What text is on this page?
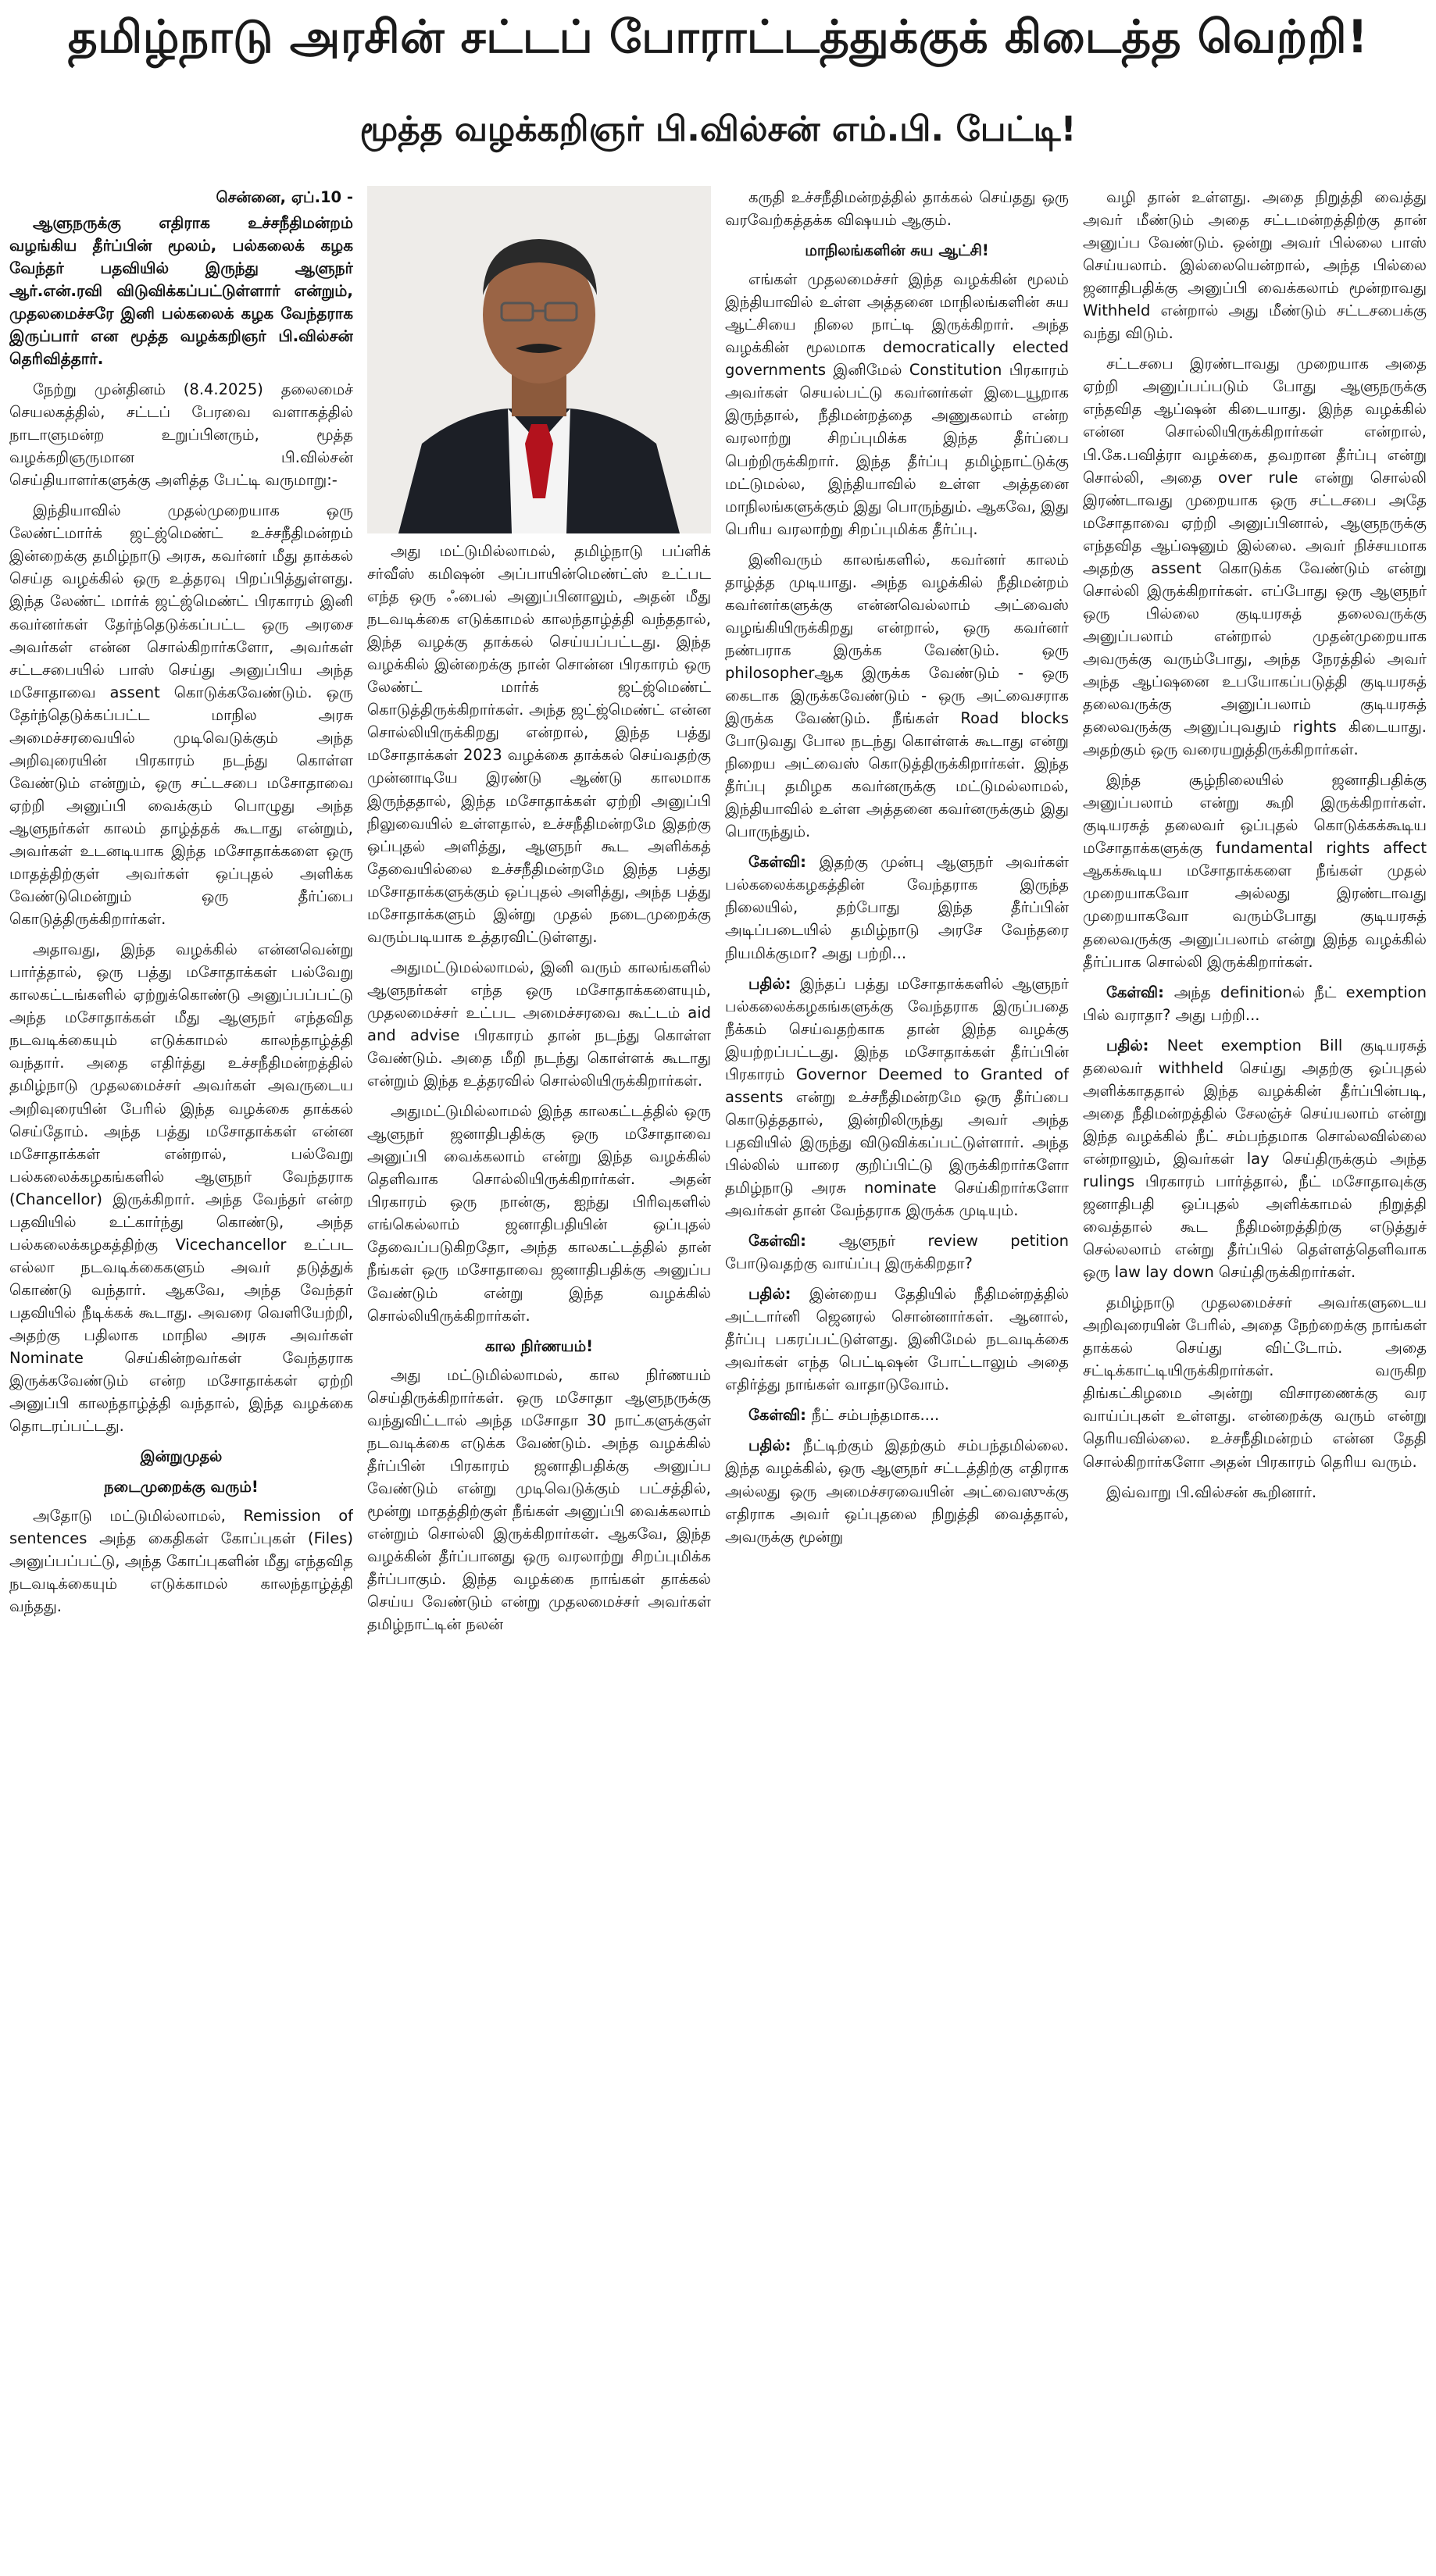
தமிழ்நாடு அரசின் சட்டப் போராட்டத்துக்குக் கிடைத்த வெற்றி!
மூத்த வழக்கறிஞர் பி.வில்சன் எம்.பி. பேட்டி!

சென்னை, ஏப்.10 -

ஆளுநருக்கு எதிராக உச்சநீதிமன்றம் வழங்கிய தீர்ப்பின் மூலம், பல்கலைக் கழக வேந்தர் பதவியில் இருந்து ஆளுநர் ஆர்.என்.ரவி விடுவிக்கப்பட்டுள்ளார் என்றும், முதலமைச்சரே இனி பல்கலைக் கழக வேந்தராக இருப்பார் என மூத்த வழக்கறிஞர் பி.வில்சன் தெரிவித்தார்.

நேற்று முன்தினம் (8.4.2025) தலைமைச் செயலகத்தில், சட்டப் பேரவை வளாகத்தில் நாடாளுமன்ற உறுப்பினரும், மூத்த வழக்கறிஞருமான பி.வில்சன் செய்தியாளர்களுக்கு அளித்த பேட்டி வருமாறு:-

இந்தியாவில் முதல்முறையாக ஒரு லேண்ட்மார்க் ஜட்ஜ்மெண்ட் உச்சநீதிமன்றம் இன்றைக்கு தமிழ்நாடு அரசு, கவர்னர் மீது தாக்கல் செய்த வழக்கில் ஒரு உத்தரவு பிறப்பித்துள்ளது. இந்த லேண்ட் மார்க் ஜட்ஜ்மெண்ட் பிரகாரம் இனி கவர்னர்கள் தேர்ந்தெடுக்கப்பட்ட ஒரு அரசை அவர்கள் என்ன சொல்கிறார்களோ, அவர்கள் சட்டசபையில் பாஸ் செய்து அனுப்பிய அந்த மசோதாவை assent கொடுக்கவேண்டும். ஒரு தேர்ந்தெடுக்கப்பட்ட மாநில அரசு அமைச்சரவையில் முடிவெடுக்கும் அந்த அறிவுரையின் பிரகாரம் நடந்து கொள்ள வேண்டும் என்றும், ஒரு சட்டசபை மசோதாவை ஏற்றி அனுப்பி வைக்கும் பொழுது அந்த ஆளுநர்கள் காலம் தாழ்த்தக் கூடாது என்றும், அவர்கள் உடனடியாக இந்த மசோதாக்களை ஒரு மாதத்திற்குள் அவர்கள் ஒப்புதல் அளிக்க வேண்டுமென்றும் ஒரு தீர்ப்பை கொடுத்திருக்கிறார்கள்.

அதாவது, இந்த வழக்கில் என்னவென்று பார்த்தால், ஒரு பத்து மசோதாக்கள் பல்வேறு காலகட்டங்களில் ஏற்றுக்கொண்டு அனுப்பப்பட்டு அந்த மசோதாக்கள் மீது ஆளுநர் எந்தவித நடவடிக்கையும் எடுக்காமல் காலந்தாழ்த்தி வந்தார். அதை எதிர்த்து உச்சநீதிமன்றத்தில் தமிழ்நாடு முதலமைச்சர் அவர்கள் அவருடைய அறிவுரையின் பேரில் இந்த வழக்கை தாக்கல் செய்தோம். அந்த பத்து மசோதாக்கள் என்ன மசோதாக்கள் என்றால், பல்வேறு பல்கலைக்கழகங்களில் ஆளுநர் வேந்தராக (Chancellor) இருக்கிறார். அந்த வேந்தர் என்ற பதவியில் உட்கார்ந்து கொண்டு, அந்த பல்கலைக்கழகத்திற்கு Vicechancellor உட்பட எல்லா நடவடிக்கைகளும் அவர் தடுத்துக் கொண்டு வந்தார். ஆகவே, அந்த வேந்தர் பதவியில் நீடிக்கக் கூடாது. அவரை வெளியேற்றி, அதற்கு பதிலாக மாநில அரசு அவர்கள் Nominate செய்கின்றவர்கள் வேந்தராக இருக்கவேண்டும் என்ற மசோதாக்கள் ஏற்றி அனுப்பி காலந்தாழ்த்தி வந்தால், இந்த வழக்கை தொடரப்பட்டது.

இன்றுமுதல்

நடைமுறைக்கு வரும்!

அதோடு மட்டுமில்லாமல், Remission of sentences அந்த கைதிகள் கோப்புகள் (Files) அனுப்பப்பட்டு, அந்த கோப்புகளின் மீது எந்தவித நடவடிக்கையும் எடுக்காமல் காலந்தாழ்த்தி வந்தது.

அது மட்டுமில்லாமல், தமிழ்நாடு பப்ளிக் சர்வீஸ் கமிஷன் அப்பாயின்மெண்ட்ஸ் உட்பட எந்த ஒரு ஃபைல் அனுப்பினாலும், அதன் மீது நடவடிக்கை எடுக்காமல் காலந்தாழ்த்தி வந்ததால், இந்த வழக்கு தாக்கல் செய்யப்பட்டது. இந்த வழக்கில் இன்றைக்கு நான் சொன்ன பிரகாரம் ஒரு லேண்ட் மார்க் ஜட்ஜ்மெண்ட் கொடுத்திருக்கிறார்கள். அந்த ஜட்ஜ்மெண்ட் என்ன சொல்லியிருக்கிறது என்றால், இந்த பத்து மசோதாக்கள் 2023 வழக்கை தாக்கல் செய்வதற்கு முன்னாடியே இரண்டு ஆண்டு காலமாக இருந்ததால், இந்த மசோதாக்கள் ஏற்றி அனுப்பி நிலுவையில் உள்ளதால், உச்சநீதிமன்றமே இதற்கு ஒப்புதல் அளித்து, ஆளுநர் கூட அளிக்கத் தேவையில்லை உச்சநீதிமன்றமே இந்த பத்து மசோதாக்களுக்கும் ஒப்புதல் அளித்து, அந்த பத்து மசோதாக்களும் இன்று முதல் நடைமுறைக்கு வரும்படியாக உத்தரவிட்டுள்ளது.

அதுமட்டுமல்லாமல், இனி வரும் காலங்களில் ஆளுநர்கள் எந்த ஒரு மசோதாக்களையும், முதலமைச்சர் உட்பட அமைச்சரவை கூட்டம் aid and advise பிரகாரம் தான் நடந்து கொள்ள வேண்டும். அதை மீறி நடந்து கொள்ளக் கூடாது என்றும் இந்த உத்தரவில் சொல்லியிருக்கிறார்கள்.

அதுமட்டுமில்லாமல் இந்த காலகட்டத்தில் ஒரு ஆளுநர் ஜனாதிபதிக்கு ஒரு மசோதாவை அனுப்பி வைக்கலாம் என்று இந்த வழக்கில் தெளிவாக சொல்லியிருக்கிறார்கள். அதன் பிரகாரம் ஒரு நான்கு, ஐந்து பிரிவுகளில் எங்கெல்லாம் ஜனாதிபதியின் ஒப்புதல் தேவைப்படுகிறதோ, அந்த காலகட்டத்தில் தான் நீங்கள் ஒரு மசோதாவை ஜனாதிபதிக்கு அனுப்ப வேண்டும் என்று இந்த வழக்கில் சொல்லியிருக்கிறார்கள்.

கால நிர்ணயம்!

அது மட்டுமில்லாமல், கால நிர்ணயம் செய்திருக்கிறார்கள். ஒரு மசோதா ஆளுநருக்கு வந்துவிட்டால் அந்த மசோதா 30 நாட்களுக்குள் நடவடிக்கை எடுக்க வேண்டும். அந்த வழக்கில் தீர்ப்பின் பிரகாரம் ஜனாதிபதிக்கு அனுப்ப வேண்டும் என்று முடிவெடுக்கும் பட்சத்தில், மூன்று மாதத்திற்குள் நீங்கள் அனுப்பி வைக்கலாம் என்றும் சொல்லி இருக்கிறார்கள். ஆகவே, இந்த வழக்கின் தீர்ப்பானது ஒரு வரலாற்று சிறப்புமிக்க தீர்ப்பாகும். இந்த வழக்கை நாங்கள் தாக்கல் செய்ய வேண்டும் என்று முதலமைச்சர் அவர்கள் தமிழ்நாட்டின் நலன்

கருதி உச்சநீதிமன்றத்தில் தாக்கல் செய்தது ஒரு வரவேற்கத்தக்க விஷயம் ஆகும்.

மாநிலங்களின் சுய ஆட்சி!

எங்கள் முதலமைச்சர் இந்த வழக்கின் மூலம் இந்தியாவில் உள்ள அத்தனை மாநிலங்களின் சுய ஆட்சியை நிலை நாட்டி இருக்கிறார். அந்த வழக்கின் மூலமாக democratically elected governments இனிமேல் Constitution பிரகாரம் அவர்கள் செயல்பட்டு கவர்னர்கள் இடையூறாக இருந்தால், நீதிமன்றத்தை அணுகலாம் என்ற வரலாற்று சிறப்புமிக்க இந்த தீர்ப்பை பெற்றிருக்கிறார். இந்த தீர்ப்பு தமிழ்நாட்டுக்கு மட்டுமல்ல, இந்தியாவில் உள்ள அத்தனை மாநிலங்களுக்கும் இது பொருந்தும். ஆகவே, இது பெரிய வரலாற்று சிறப்புமிக்க தீர்ப்பு.

இனிவரும் காலங்களில், கவர்னர் காலம் தாழ்த்த முடியாது. அந்த வழக்கில் நீதிமன்றம் கவர்னர்களுக்கு என்னவெல்லாம் அட்வைஸ் வழங்கியிருக்கிறது என்றால், ஒரு கவர்னர் நண்பராக இருக்க வேண்டும். ஒரு philosopherஆக இருக்க வேண்டும் - ஒரு கைடாக இருக்கவேண்டும் - ஒரு அட்வைசராக இருக்க வேண்டும். நீங்கள் Road blocks போடுவது போல நடந்து கொள்ளக் கூடாது என்று நிறைய அட்வைஸ் கொடுத்திருக்கிறார்கள். இந்த தீர்ப்பு தமிழக கவர்னருக்கு மட்டுமல்லாமல், இந்தியாவில் உள்ள அத்தனை கவர்னருக்கும் இது பொருந்தும்.

கேள்வி: இதற்கு முன்பு ஆளுநர் அவர்கள் பல்கலைக்கழகத்தின் வேந்தராக இருந்த நிலையில், தற்போது இந்த தீர்ப்பின் அடிப்படையில் தமிழ்நாடு அரசே வேந்தரை நியமிக்குமா? அது பற்றி...

பதில்: இந்தப் பத்து மசோதாக்களில் ஆளுநர் பல்கலைக்கழகங்களுக்கு வேந்தராக இருப்பதை நீக்கம் செய்வதற்காக தான் இந்த வழக்கு இயற்றப்பட்டது. இந்த மசோதாக்கள் தீர்ப்பின் பிரகாரம் Governor Deemed to Granted of assents என்று உச்சநீதிமன்றமே ஒரு தீர்ப்பை கொடுத்ததால், இன்றிலிருந்து அவர் அந்த பதவியில் இருந்து விடுவிக்கப்பட்டுள்ளார். அந்த பில்லில் யாரை குறிப்பிட்டு இருக்கிறார்களோ தமிழ்நாடு அரசு nominate செய்கிறார்களோ அவர்கள் தான் வேந்தராக இருக்க முடியும்.

கேள்வி: ஆளுநர் review petition போடுவதற்கு வாய்ப்பு இருக்கிறதா?

பதில்: இன்றைய தேதியில் நீதிமன்றத்தில் அட்டார்னி ஜெனரல் சொன்னார்கள். ஆனால், தீர்ப்பு பகரப்பட்டுள்ளது. இனிமேல் நடவடிக்கை அவர்கள் எந்த பெட்டிஷன் போட்டாலும் அதை எதிர்த்து நாங்கள் வாதாடுவோம்.

கேள்வி: நீட் சம்பந்தமாக....

பதில்: நீட்டிற்கும் இதற்கும் சம்பந்தமில்லை. இந்த வழக்கில், ஒரு ஆளுநர் சட்டத்திற்கு எதிராக அல்லது ஒரு அமைச்சரவையின் அட்வைஸுக்கு எதிராக அவர் ஒப்புதலை நிறுத்தி வைத்தால், அவருக்கு மூன்று

வழி தான் உள்ளது. அதை நிறுத்தி வைத்து அவர் மீண்டும் அதை சட்டமன்றத்திற்கு தான் அனுப்ப வேண்டும். ஒன்று அவர் பில்லை பாஸ் செய்யலாம். இல்லையென்றால், அந்த பில்லை ஜனாதிபதிக்கு அனுப்பி வைக்கலாம் மூன்றாவது Withheld என்றால் அது மீண்டும் சட்டசபைக்கு வந்து விடும்.

சட்டசபை இரண்டாவது முறையாக அதை ஏற்றி அனுப்பப்படும் போது ஆளுநருக்கு எந்தவித ஆப்ஷன் கிடையாது. இந்த வழக்கில் என்ன சொல்லியிருக்கிறார்கள் என்றால், பி.கே.பவித்ரா வழக்கை, தவறான தீர்ப்பு என்று சொல்லி, அதை over rule என்று சொல்லி இரண்டாவது முறையாக ஒரு சட்டசபை அதே மசோதாவை ஏற்றி அனுப்பினால், ஆளுநருக்கு எந்தவித ஆப்ஷனும் இல்லை. அவர் நிச்சயமாக அதற்கு assent கொடுக்க வேண்டும் என்று சொல்லி இருக்கிறார்கள். எப்போது ஒரு ஆளுநர் ஒரு பில்லை குடியரசுத் தலைவருக்கு அனுப்பலாம் என்றால் முதன்முறையாக அவருக்கு வரும்போது, அந்த நேரத்தில் அவர் அந்த ஆப்ஷனை உபயோகப்படுத்தி குடியரசுத் தலைவருக்கு அனுப்பலாம் குடியரசுத் தலைவருக்கு அனுப்புவதும் rights கிடையாது. அதற்கும் ஒரு வரையறுத்திருக்கிறார்கள்.

இந்த சூழ்நிலையில் ஜனாதிபதிக்கு அனுப்பலாம் என்று கூறி இருக்கிறார்கள். குடியரசுத் தலைவர் ஒப்புதல் கொடுக்கக்கூடிய மசோதாக்களுக்கு fundamental rights affect ஆகக்கூடிய மசோதாக்களை நீங்கள் முதல் முறையாகவோ அல்லது இரண்டாவது முறையாகவோ வரும்போது குடியரசுத் தலைவருக்கு அனுப்பலாம் என்று இந்த வழக்கில் தீர்ப்பாக சொல்லி இருக்கிறார்கள்.

கேள்வி: அந்த definitionல் நீட் exemption பில் வராதா? அது பற்றி...

பதில்: Neet exemption Bill குடியரசுத் தலைவர் withheld செய்து அதற்கு ஒப்புதல் அளிக்காததால் இந்த வழக்கின் தீர்ப்பின்படி, அதை நீதிமன்றத்தில் சேலஞ்ச் செய்யலாம் என்று இந்த வழக்கில் நீட் சம்பந்தமாக சொல்லவில்லை என்றாலும், இவர்கள் lay செய்திருக்கும் அந்த rulings பிரகாரம் பார்த்தால், நீட் மசோதாவுக்கு ஜனாதிபதி ஒப்புதல் அளிக்காமல் நிறுத்தி வைத்தால் கூட நீதிமன்றத்திற்கு எடுத்துச் செல்லலாம் என்று தீர்ப்பில் தெள்ளத்தெளிவாக ஒரு law lay down செய்திருக்கிறார்கள்.

தமிழ்நாடு முதலமைச்சர் அவர்களுடைய அறிவுரையின் பேரில், அதை நேற்றைக்கு நாங்கள் தாக்கல் செய்து விட்டோம். அதை சட்டிக்காட்டியிருக்கிறார்கள். வருகிற திங்கட்கிழமை அன்று விசாரணைக்கு வர வாய்ப்புகள் உள்ளது. என்றைக்கு வரும் என்று தெரியவில்லை. உச்சநீதிமன்றம் என்ன தேதி சொல்கிறார்களோ அதன் பிரகாரம் தெரிய வரும்.

இவ்வாறு பி.வில்சன் கூறினார்.
